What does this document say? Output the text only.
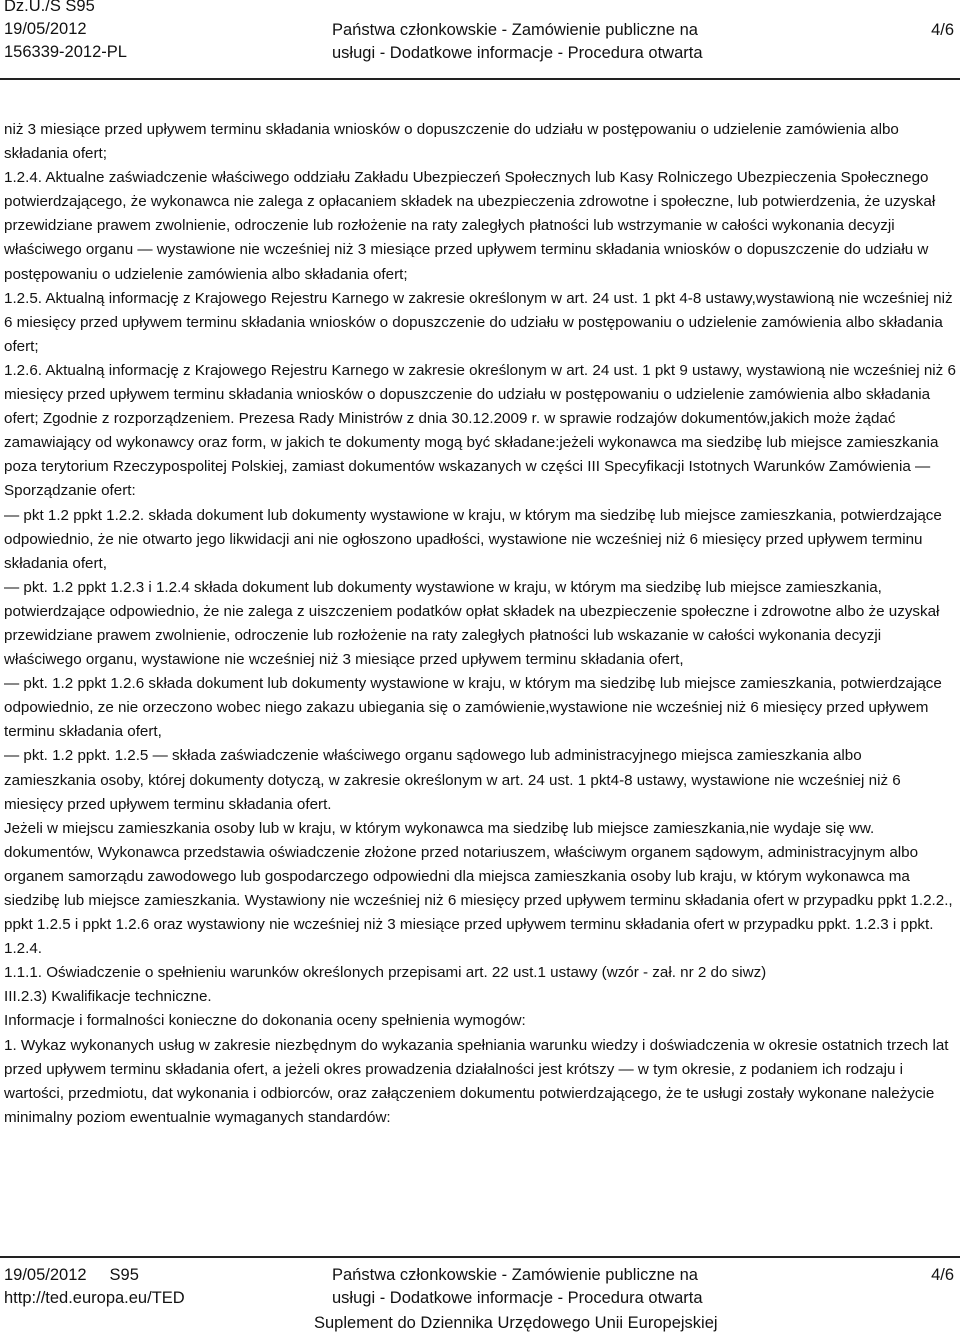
Dz.U./S S95
19/05/2012
156339-2012-PL
Państwa członkowskie - Zamówienie publiczne na
usługi - Dodatkowe informacje - Procedura otwarta
4/6

niż 3 miesiące przed upływem terminu składania wniosków o dopuszczenie do udziału w postępowaniu o udzielenie zamówienia albo składania ofert;

1.2.4. Aktualne zaświadczenie właściwego oddziału Zakładu Ubezpieczeń Społecznych lub Kasy Rolniczego Ubezpieczenia Społecznego potwierdzającego, że wykonawca nie zalega z opłacaniem składek na ubezpieczenia zdrowotne i społeczne, lub potwierdzenia, że uzyskał przewidziane prawem zwolnienie, odroczenie lub rozłożenie na raty zaległych płatności lub wstrzymanie w całości wykonania decyzji właściwego organu — wystawione nie wcześniej niż 3 miesiące przed upływem terminu składania wniosków o dopuszczenie do udziału w postępowaniu o udzielenie zamówienia albo składania ofert;

1.2.5. Aktualną informację z Krajowego Rejestru Karnego w zakresie określonym w art. 24 ust. 1 pkt 4-8 ustawy,wystawioną nie wcześniej niż 6 miesięcy przed upływem terminu składania wniosków o dopuszczenie do udziału w postępowaniu o udzielenie zamówienia albo składania ofert;

1.2.6. Aktualną informację z Krajowego Rejestru Karnego w zakresie określonym w art. 24 ust. 1 pkt 9 ustawy, wystawioną nie wcześniej niż 6 miesięcy przed upływem terminu składania wniosków o dopuszczenie do udziału w postępowaniu o udzielenie zamówienia albo składania ofert; Zgodnie z rozporządzeniem. Prezesa Rady Ministrów z dnia 30.12.2009 r. w sprawie rodzajów dokumentów,jakich może żądać zamawiający od wykonawcy oraz form, w jakich te dokumenty mogą być składane:jeżeli wykonawca ma siedzibę lub miejsce zamieszkania poza terytorium Rzeczypospolitej Polskiej, zamiast dokumentów wskazanych w części III Specyfikacji Istotnych Warunków Zamówienia — Sporządzanie ofert:

— pkt 1.2 ppkt 1.2.2. składa dokument lub dokumenty wystawione w kraju, w którym ma siedzibę lub miejsce zamieszkania, potwierdzające odpowiednio, że nie otwarto jego likwidacji ani nie ogłoszono upadłości, wystawione nie wcześniej niż 6 miesięcy przed upływem terminu składania ofert,

— pkt. 1.2 ppkt 1.2.3 i 1.2.4 składa dokument lub dokumenty wystawione w kraju, w którym ma siedzibę lub miejsce zamieszkania, potwierdzające odpowiednio, że nie zalega z uiszczeniem podatków opłat składek na ubezpieczenie społeczne i zdrowotne albo że uzyskał przewidziane prawem zwolnienie, odroczenie lub rozłożenie na raty zaległych płatności lub wskazanie w całości wykonania decyzji właściwego organu, wystawione nie wcześniej niż 3 miesiące przed upływem terminu składania ofert,

— pkt. 1.2 ppkt 1.2.6 składa dokument lub dokumenty wystawione w kraju, w którym ma siedzibę lub miejsce zamieszkania, potwierdzające odpowiednio, ze nie orzeczono wobec niego zakazu ubiegania się o zamówienie,wystawione nie wcześniej niż 6 miesięcy przed upływem terminu składania ofert,

— pkt. 1.2 ppkt. 1.2.5 — składa zaświadczenie właściwego organu sądowego lub administracyjnego miejsca zamieszkania albo zamieszkania osoby, której dokumenty dotyczą, w zakresie określonym w art. 24 ust. 1 pkt4-8 ustawy, wystawione nie wcześniej niż 6 miesięcy przed upływem terminu składania ofert.

Jeżeli w miejscu zamieszkania osoby lub w kraju, w którym wykonawca ma siedzibę lub miejsce zamieszkania,nie wydaje się ww. dokumentów, Wykonawca przedstawia oświadczenie złożone przed notariuszem, właściwym organem sądowym, administracyjnym albo organem samorządu zawodowego lub gospodarczego odpowiedni dla miejsca zamieszkania osoby lub kraju, w którym wykonawca ma siedzibę lub miejsce zamieszkania. Wystawiony nie wcześniej niż 6 miesięcy przed upływem terminu składania ofert w przypadku ppkt 1.2.2., ppkt 1.2.5 i ppkt 1.2.6 oraz wystawiony nie wcześniej niż 3 miesiące przed upływem terminu składania ofert w przypadku ppkt. 1.2.3 i ppkt. 1.2.4.

1.1.1. Oświadczenie o spełnieniu warunków określonych przepisami art. 22 ust.1 ustawy (wzór - zał. nr 2 do siwz)

III.2.3) Kwalifikacje techniczne.

Informacje i formalności konieczne do dokonania oceny spełnienia wymogów:

1. Wykaz wykonanych usług w zakresie niezbędnym do wykazania spełniania warunku wiedzy i doświadczenia w okresie ostatnich trzech lat przed upływem terminu składania ofert, a jeżeli okres prowadzenia działalności jest krótszy — w tym okresie, z podaniem ich rodzaju i wartości, przedmiotu, dat wykonania i odbiorców, oraz załączeniem dokumentu potwierdzającego, że te usługi zostały wykonane należycie minimalny poziom ewentualnie wymaganych standardów:

19/05/2012 S95
http://ted.europa.eu/TED
Państwa członkowskie - Zamówienie publiczne na
usługi - Dodatkowe informacje - Procedura otwarta
4/6
Suplement do Dziennika Urzędowego Unii Europejskiej
